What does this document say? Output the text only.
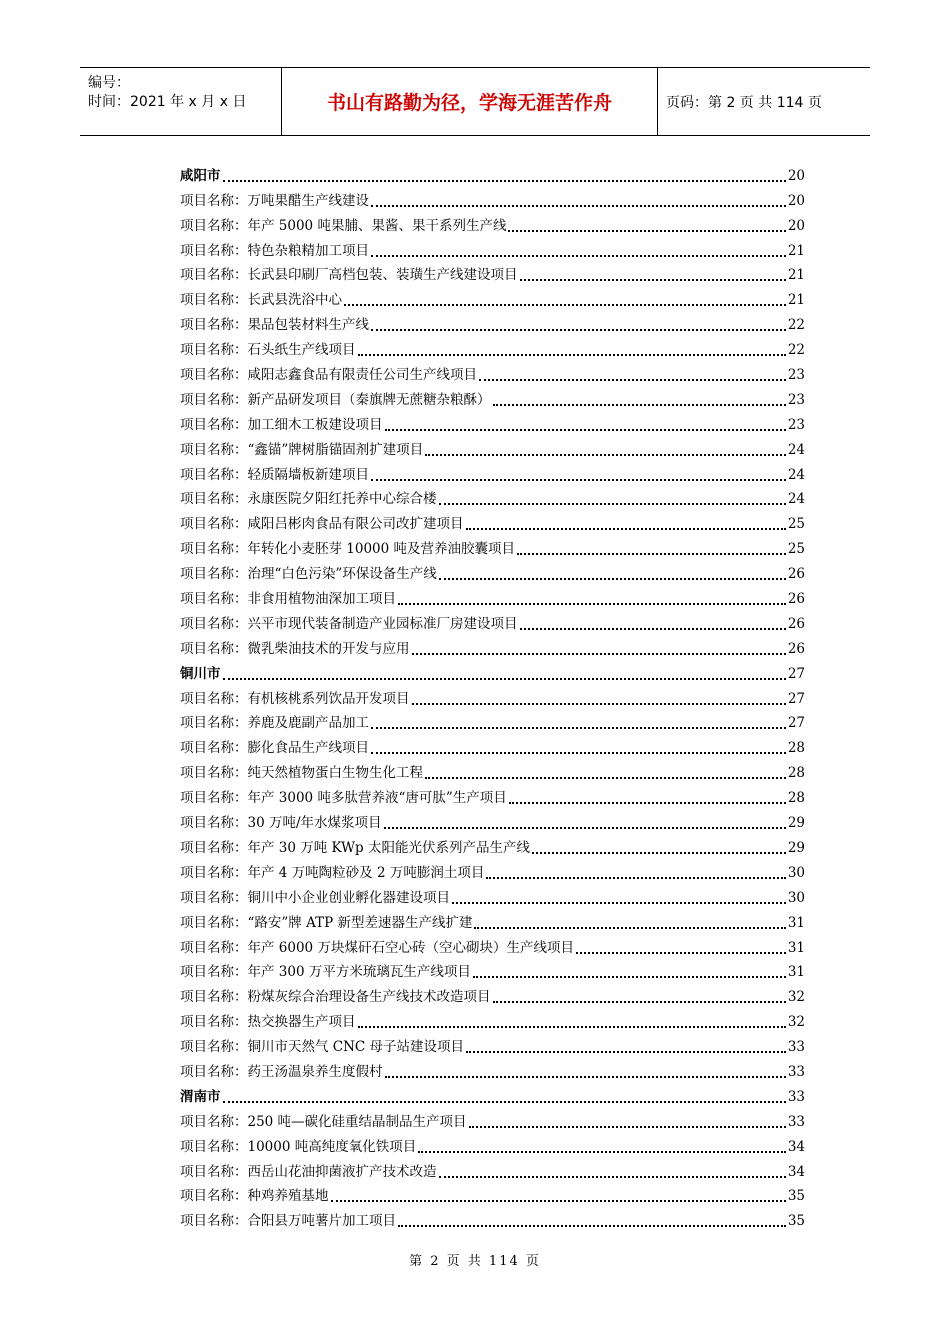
编号：
时间：2021 年 x 月 x 日	书山有路勤为径，学海无涯苦作舟	页码：第 2 页 共 114 页
咸阳市	20
项目名称：万吨果醋生产线建设	20
项目名称：年产 5000 吨果脯、果酱、果干系列生产线	20
项目名称：特色杂粮精加工项目	21
项目名称：长武县印刷厂高档包装、装璜生产线建设项目	21
项目名称：长武县洗浴中心	21
项目名称：果品包装材料生产线	22
项目名称：石头纸生产线项目	22
项目名称：咸阳志鑫食品有限责任公司生产线项目	23
项目名称：新产品研发项目（秦旗牌无蔗糖杂粮酥）	23
项目名称：加工细木工板建设项目	23
项目名称：“鑫锚”牌树脂锚固剂扩建项目	24
项目名称：轻质隔墙板新建项目	24
项目名称：永康医院夕阳红托养中心综合楼	24
项目名称：咸阳吕彬肉食品有限公司改扩建项目	25
项目名称：年转化小麦胚芽 10000 吨及营养油胶囊项目	25
项目名称：治理“白色污染”环保设备生产线	26
项目名称：非食用植物油深加工项目	26
项目名称：兴平市现代装备制造产业园标准厂房建设项目	26
项目名称：微乳柴油技术的开发与应用	26
铜川市	27
项目名称：有机核桃系列饮品开发项目	27
项目名称：养鹿及鹿副产品加工	27
项目名称：膨化食品生产线项目	28
项目名称：纯天然植物蛋白生物生化工程	28
项目名称：年产 3000 吨多肽营养液“唐可肽”生产项目	28
项目名称：30 万吨/年水煤浆项目	29
项目名称：年产 30 万吨 KWp 太阳能光伏系列产品生产线	29
项目名称：年产 4 万吨陶粒砂及 2 万吨膨润土项目	30
项目名称：铜川中小企业创业孵化器建设项目	30
项目名称：“路安”牌 ATP 新型差速器生产线扩建	31
项目名称：年产 6000 万块煤矸石空心砖（空心砌块）生产线项目	31
项目名称：年产 300 万平方米琉璃瓦生产线项目	31
项目名称：粉煤灰综合治理设备生产线技术改造项目	32
项目名称：热交换器生产项目	32
项目名称：铜川市天然气 CNC 母子站建设项目	33
项目名称：药王汤温泉养生度假村	33
渭南市	33
项目名称：250 吨—碳化硅重结晶制品生产项目	33
项目名称：10000 吨高纯度氧化铁项目	34
项目名称：西岳山花油抑菌液扩产技术改造	34
项目名称：种鸡养殖基地	35
项目名称：合阳县万吨薯片加工项目	35
第 2 页 共 114 页
